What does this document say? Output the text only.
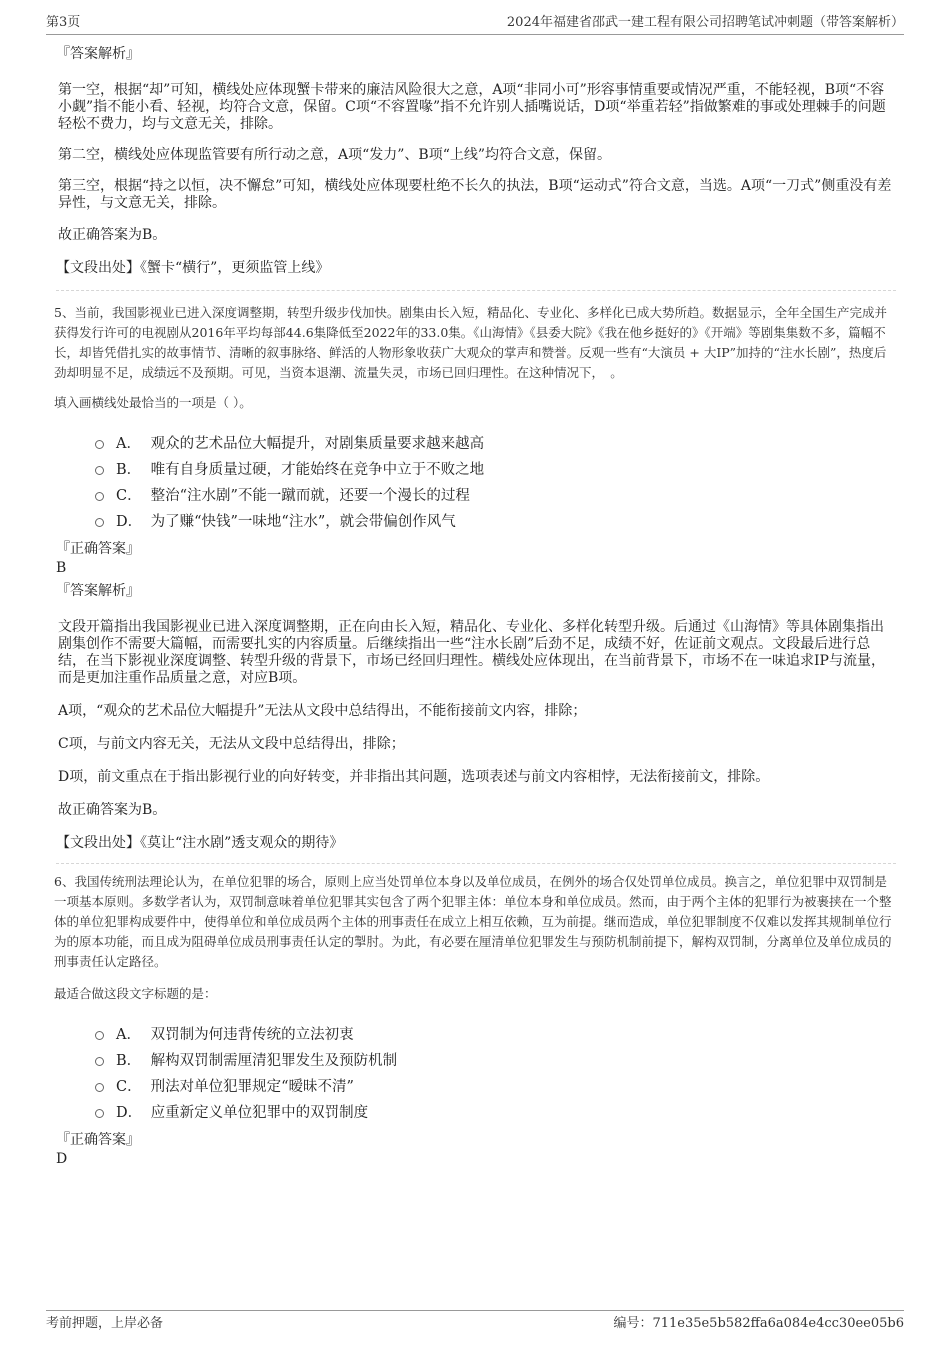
第3页	2024年福建省邵武一建工程有限公司招聘笔试冲刺题（带答案解析）

『答案解析』

第一空，根据“却”可知，横线处应体现蟹卡带来的廉洁风险很大之意，A项“非同小可”形容事情重要或情况严重，不能轻视，B项“不容小觑”指不能小看、轻视，均符合文意，保留。C项“不容置喙”指不允许别人插嘴说话，D项“举重若轻”指做繁难的事或处理棘手的问题轻松不费力，均与文意无关，排除。

第二空，横线处应体现监管要有所行动之意，A项“发力”、B项“上线”均符合文意，保留。

第三空，根据“持之以恒，决不懈怠”可知，横线处应体现要杜绝不长久的执法，B项“运动式”符合文意，当选。A项“一刀式”侧重没有差异性，与文意无关，排除。

故正确答案为B。

【文段出处】《蟹卡“横行”，更须监管上线》

5、当前，我国影视业已进入深度调整期，转型升级步伐加快。剧集由长入短，精品化、专业化、多样化已成大势所趋。数据显示，全年全国生产完成并获得发行许可的电视剧从2016年平均每部44.6集降低至2022年的33.0集。《山海情》《县委大院》《我在他乡挺好的》《开端》等剧集集数不多，篇幅不长，却皆凭借扎实的故事情节、清晰的叙事脉络、鲜活的人物形象收获广大观众的掌声和赞誉。反观一些有“大演员 + 大IP”加持的“注水长剧”，热度后劲却明显不足，成绩远不及预期。可见，当资本退潮、流量失灵，市场已回归理性。在这种情况下，　。

填入画横线处最恰当的一项是（ ）。

A． 观众的艺术品位大幅提升，对剧集质量要求越来越高
B． 唯有自身质量过硬，才能始终在竞争中立于不败之地
C． 整治“注水剧”不能一蹴而就，还要一个漫长的过程
D． 为了赚“快钱”一味地“注水”，就会带偏创作风气

『正确答案』

B

『答案解析』

文段开篇指出我国影视业已进入深度调整期，正在向由长入短，精品化、专业化、多样化转型升级。后通过《山海情》等具体剧集指出剧集创作不需要大篇幅，而需要扎实的内容质量。后继续指出一些“注水长剧”后劲不足，成绩不好，佐证前文观点。文段最后进行总结，在当下影视业深度调整、转型升级的背景下，市场已经回归理性。横线处应体现出，在当前背景下，市场不在一味追求IP与流量，而是更加注重作品质量之意，对应B项。

A项，“观众的艺术品位大幅提升”无法从文段中总结得出，不能衔接前文内容，排除；

C项，与前文内容无关，无法从文段中总结得出，排除；

D项，前文重点在于指出影视行业的向好转变，并非指出其问题，选项表述与前文内容相悖，无法衔接前文，排除。

故正确答案为B。

【文段出处】《莫让“注水剧”透支观众的期待》

6、我国传统刑法理论认为，在单位犯罪的场合，原则上应当处罚单位本身以及单位成员，在例外的场合仅处罚单位成员。换言之，单位犯罪中双罚制是一项基本原则。多数学者认为，双罚制意味着单位犯罪其实包含了两个犯罪主体：单位本身和单位成员。然而，由于两个主体的犯罪行为被裹挟在一个整体的单位犯罪构成要件中，使得单位和单位成员两个主体的刑事责任在成立上相互依赖，互为前提。继而造成，单位犯罪制度不仅难以发挥其规制单位行为的原本功能，而且成为阻碍单位成员刑事责任认定的掣肘。为此，有必要在厘清单位犯罪发生与预防机制前提下，解构双罚制，分离单位及单位成员的刑事责任认定路径。

最适合做这段文字标题的是：

A． 双罚制为何违背传统的立法初衷
B． 解构双罚制需厘清犯罪发生及预防机制
C． 刑法对单位犯罪规定“暧昧不清”
D． 应重新定义单位犯罪中的双罚制度

『正确答案』

D

考前押题，上岸必备	编号：711e35e5b582ffa6a084e4cc30ee05b6
